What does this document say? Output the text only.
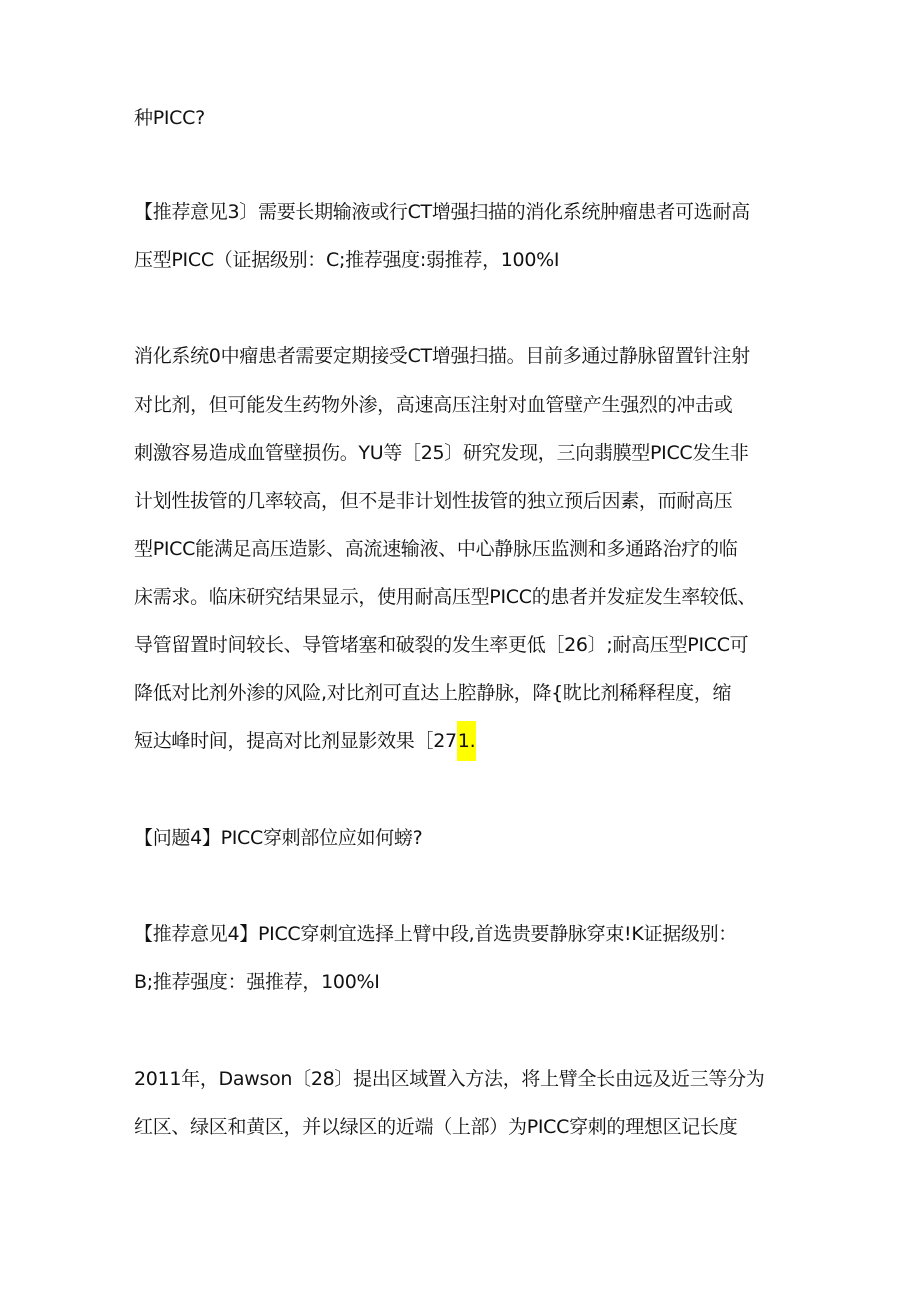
种PICC?
【推荐意见3〕需要长期输液或行CT增强扫描的消化系统肿瘤患者可选耐高
压型PICC（证据级别：C;推荐强度:弱推荐，100%I
消化系统0中瘤患者需要定期接受CT增强扫描。目前多通过静脉留置针注射
对比剂，但可能发生药物外渗，高速高压注射对血管壁产生强烈的冲击或
刺激容易造成血管壁损伤。YU等［25〕研究发现，三向翡膜型PICC发生非
计划性拔管的几率较高，但不是非计划性拔管的独立预后因素，而耐高压
型PICC能满足高压造影、高流速输液、中心静脉压监测和多通路治疗的临
床需求。临床研究结果显示，使用耐高压型PICC的患者并发症发生率较低、
导管留置时间较长、导管堵塞和破裂的发生率更低［26〕;耐高压型PICC可
降低对比剂外渗的风险,对比剂可直达上腔静脉，降{眈比剂稀释程度，缩
短达峰时间，提高对比剂显影效果［271.
【问题4】PICC穿刺部位应如何螃?
【推荐意见4】PICC穿刺宜选择上臂中段,首选贵要静脉穿束!K证据级别：
B;推荐强度：强推荐，100%I
2011年，Dawson〔28〕提出区域置入方法，将上臂全长由远及近三等分为
红区、绿区和黄区，并以绿区的近端（上部）为PICC穿刺的理想区记长度
